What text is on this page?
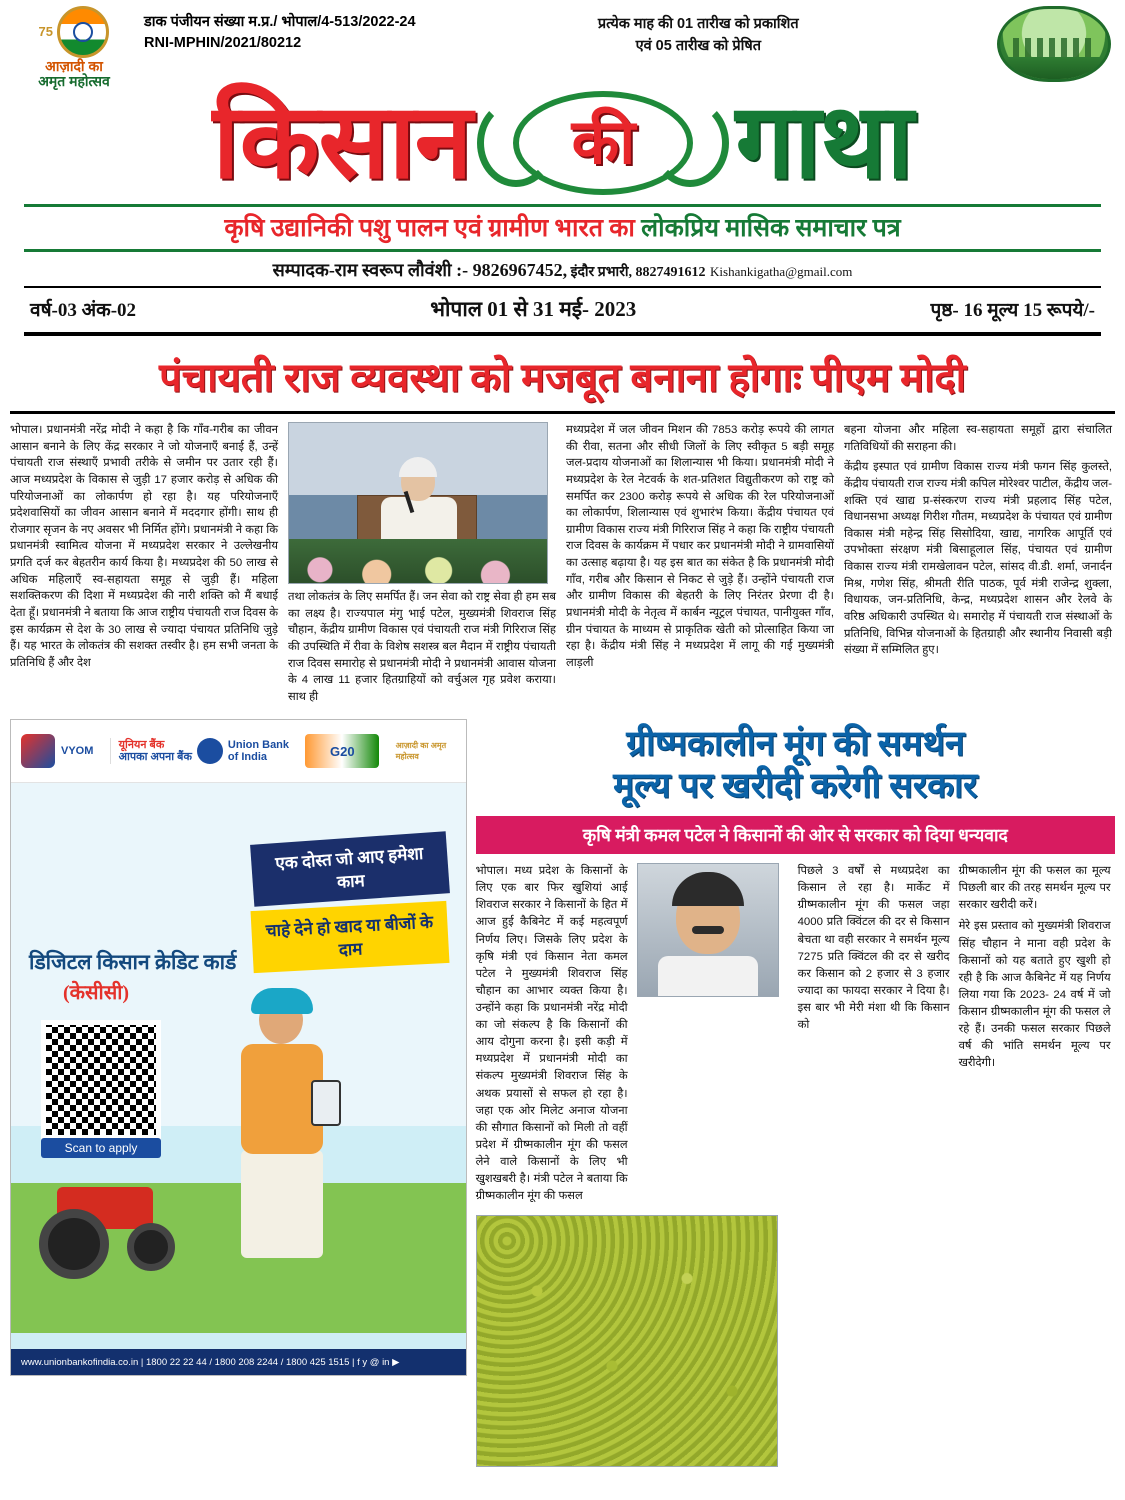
75
आज़ादी का
अमृत महोत्सव
डाक पंजीयन संख्या म.प्र./ भोपाल/4-513/2022-24
RNI-MPHIN/2021/80212
प्रत्येक माह की 01 तारीख को प्रकाशित
एवं 05 तारीख को प्रेषित
किसान की गाथा
कृषि उद्यानिकी पशु पालन एवं ग्रामीण भारत का लोकप्रिय मासिक समाचार पत्र
सम्पादक-राम स्वरूप लौवंशी :- 9826967452, इंदौर प्रभारी, 8827491612 Kishankigatha@gmail.com
वर्ष-03 अंक-02	भोपाल 01 से 31 मई- 2023	पृष्ठ- 16 मूल्य 15 रूपये/-
पंचायती राज व्यवस्था को मजबूत बनाना होगाः पीएम मोदी

भोपाल। प्रधानमंत्री नरेंद्र मोदी ने कहा है कि गाँव-गरीब का जीवन आसान बनाने के लिए केंद्र सरकार ने जो योजनाएँ बनाई हैं, उन्हें पंचायती राज संस्थाएँ प्रभावी तरीके से जमीन पर उतार रही हैं। आज मध्यप्रदेश के विकास से जुड़ी 17 हजार करोड़ से अधिक की परियोजनाओं का लोकार्पण हो रहा है। यह परियोजनाएँ प्रदेशवासियों का जीवन आसान बनाने में मददगार होंगी। साथ ही रोजगार सृजन के नए अवसर भी निर्मित होंगे। प्रधानमंत्री ने कहा कि प्रधानमंत्री स्वामित्व योजना में मध्यप्रदेश सरकार ने उल्लेखनीय प्रगति दर्ज कर बेहतरीन कार्य किया है। मध्यप्रदेश की 50 लाख से अधिक महिलाएँ स्व-सहायता समूह से जुड़ी हैं। महिला सशक्तिकरण की दिशा में मध्यप्रदेश की नारी शक्ति को मैं बधाई देता हूँ। प्रधानमंत्री ने बताया कि आज राष्ट्रीय पंचायती राज दिवस के इस कार्यक्रम से देश के 30 लाख से ज्यादा पंचायत प्रतिनिधि जुड़े हैं। यह भारत के लोकतंत्र की सशक्त तस्वीर है। हम सभी जनता के प्रतिनिधि हैं और देश

तथा लोकतंत्र के लिए समर्पित हैं। जन सेवा को राष्ट्र सेवा ही हम सब का लक्ष्य है। राज्यपाल मंगु भाई पटेल, मुख्यमंत्री शिवराज सिंह चौहान, केंद्रीय ग्रामीण विकास एवं पंचायती राज मंत्री गिरिराज सिंह की उपस्थिति में रीवा के विशेष सशस्त्र बल मैदान में राष्ट्रीय पंचायती राज दिवस समारोह से प्रधानमंत्री मोदी ने प्रधानमंत्री आवास योजना के 4 लाख 11 हजार हितग्राहियों को वर्चुअल गृह प्रवेश कराया। साथ ही

मध्यप्रदेश में जल जीवन मिशन की 7853 करोड़ रूपये की लागत की रीवा, सतना और सीधी जिलों के लिए स्वीकृत 5 बड़ी समूह जल-प्रदाय योजनाओं का शिलान्यास भी किया। प्रधानमंत्री मोदी ने मध्यप्रदेश के रेल नेटवर्क के शत-प्रतिशत विद्युतीकरण को राष्ट्र को समर्पित कर 2300 करोड़ रूपये से अधिक की रेल परियोजनाओं का लोकार्पण, शिलान्यास एवं शुभारंभ किया। केंद्रीय पंचायत एवं ग्रामीण विकास राज्य मंत्री गिरिराज सिंह ने कहा कि राष्ट्रीय पंचायती राज दिवस के कार्यक्रम में पधार कर प्रधानमंत्री मोदी ने ग्रामवासियों का उत्साह बढ़ाया है। यह इस बात का संकेत है कि प्रधानमंत्री मोदी गाँव, गरीब और किसान से निकट से जुड़े हैं। उन्होंने पंचायती राज और ग्रामीण विकास की बेहतरी के लिए निरंतर प्रेरणा दी है। प्रधानमंत्री मोदी के नेतृत्व में कार्बन न्यूट्रल पंचायत, पानीयुक्त गाँव, ग्रीन पंचायत के माध्यम से प्राकृतिक खेती को प्रोत्साहित किया जा रहा है। केंद्रीय मंत्री सिंह ने मध्यप्रदेश में लागू की गई मुख्यमंत्री लाड़ली

बहना योजना और महिला स्व-सहायता समूहों द्वारा संचालित गतिविधियों की सराहना की।

केंद्रीय इस्पात एवं ग्रामीण विकास राज्य मंत्री फगन सिंह कुलस्ते, केंद्रीय पंचायती राज राज्य मंत्री कपिल मोरेश्वर पाटील, केंद्रीय जल-शक्ति एवं खाद्य प्र-संस्करण राज्य मंत्री प्रहलाद सिंह पटेल, विधानसभा अध्यक्ष गिरीश गौतम, मध्यप्रदेश के पंचायत एवं ग्रामीण विकास मंत्री महेन्द्र सिंह सिसोदिया, खाद्य, नागरिक आपूर्ति एवं उपभोक्ता संरक्षण मंत्री बिसाहूलाल सिंह, पंचायत एवं ग्रामीण विकास राज्य मंत्री रामखेलावन पटेल, सांसद वी.डी. शर्मा, जनार्दन मिश्र, गणेश सिंह, श्रीमती रीति पाठक, पूर्व मंत्री राजेन्द्र शुक्ला, विधायक, जन-प्रतिनिधि, केन्द्र, मध्यप्रदेश शासन और रेलवे के वरिष्ठ अधिकारी उपस्थित थे। समारोह में पंचायती राज संस्थाओं के प्रतिनिधि, विभिन्न योजनाओं के हितग्राही और स्थानीय निवासी बड़ी संख्या में सम्मिलित हुए।

VYOM
यूनियन बैंक
आपका अपना बैंक
Union Bank
of India	G20	आज़ादी का अमृत महोत्सव
एक दोस्त जो आए हमेशा काम
चाहे देने हो खाद या बीजों के दाम
डिजिटल किसान क्रेडिट कार्ड
(केसीसी)
Scan to apply
www.unionbankofindia.co.in | 1800 22 22 44 / 1800 208 2244 / 1800 425 1515 | f y @ in ▶
ग्रीष्मकालीन मूंग की समर्थन
मूल्य पर खरीदी करेगी सरकार
कृषि मंत्री कमल पटेल ने किसानों की ओर से सरकार को दिया धन्यवाद

भोपाल। मध्य प्रदेश के किसानों के लिए एक बार फिर खुशियां आई शिवराज सरकार ने किसानों के हित में आज हुई कैबिनेट में कई महत्वपूर्ण निर्णय लिए। जिसके लिए प्रदेश के कृषि मंत्री एवं किसान नेता कमल पटेल ने मुख्यमंत्री शिवराज सिंह चौहान का आभार व्यक्त किया है। उन्होंने कहा कि प्रधानमंत्री नरेंद्र मोदी का जो संकल्प है कि किसानों की आय दोगुना करना है। इसी कड़ी में मध्यप्रदेश में प्रधानमंत्री मोदी का संकल्प मुख्यमंत्री शिवराज सिंह के अथक प्रयासों से सफल हो रहा है। जहा एक ओर मिलेट अनाज योजना की सौगात किसानों को मिली तो वहीं प्रदेश में ग्रीष्मकालीन मूंग की फसल लेने वाले किसानों के लिए भी खुशखबरी है। मंत्री पटेल ने बताया कि ग्रीष्मकालीन मूंग की फसल

पिछले 3 वर्षों से मध्यप्रदेश का किसान ले रहा है। मार्केट में ग्रीष्मकालीन मूंग की फसल जहा 4000 प्रति क्विंटल की दर से किसान बेचता था वही सरकार ने समर्थन मूल्य 7275 प्रति क्विंटल की दर से खरीद कर किसान को 2 हजार से 3 हजार ज्यादा का फायदा सरकार ने दिया है। इस बार भी मेरी मंशा थी कि किसान को

ग्रीष्मकालीन मूंग की फसल का मूल्य पिछली बार की तरह समर्थन मूल्य पर सरकार खरीदी करें।

मेरे इस प्रस्ताव को मुख्यमंत्री शिवराज सिंह चौहान ने माना वही प्रदेश के किसानों को यह बताते हुए खुशी हो रही है कि आज कैबिनेट में यह निर्णय लिया गया कि 2023- 24 वर्ष में जो किसान ग्रीष्मकालीन मूंग की फसल ले रहे हैं। उनकी फसल सरकार पिछले वर्ष की भांति समर्थन मूल्य पर खरीदेगी।
